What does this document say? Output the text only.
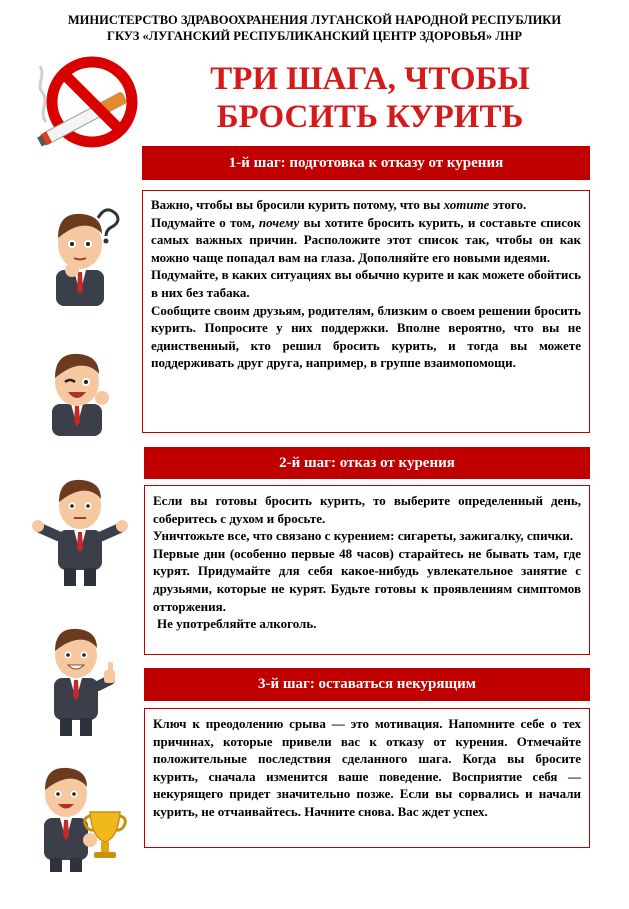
МИНИСТЕРСТВО ЗДРАВООХРАНЕНИЯ ЛУГАНСКОЙ НАРОДНОЙ РЕСПУБЛИКИ
ГКУЗ «ЛУГАНСКИЙ РЕСПУБЛИКАНСКИЙ ЦЕНТР ЗДОРОВЬЯ» ЛНР
ТРИ ШАГА, ЧТОБЫ
БРОСИТЬ КУРИТЬ
1-й шаг: подготовка к отказу от курения

Важно, чтобы вы бросили курить потому, что вы хотите этого.

Подумайте о том, почему вы хотите бросить курить, и составьте список самых важных причин. Расположите этот список так, чтобы он как можно чаще попадал вам на глаза. Дополняйте его новыми идеями.

Подумайте, в каких ситуациях вы обычно курите и как можете обойтись в них без табака.

Сообщите своим друзьям, родителям, близким о своем решении бросить курить. Попросите у них поддержки. Вполне вероятно, что вы не единственный, кто решил бросить курить, и тогда вы можете поддерживать друг друга, например, в группе взаимопомощи.

2-й шаг: отказ от курения

Если вы готовы бросить курить, то выберите определенный день, соберитесь с духом и бросьте.

Уничтожьте все, что связано с курением: сигареты, зажигалку, спички.

Первые дни (особенно первые 48 часов) старайтесь не бывать там, где курят. Придумайте для себя какое-нибудь увлекательное занятие с друзьями, которые не курят. Будьте готовы к проявлениям симптомов отторжения.

Не употребляйте алкоголь.

3-й шаг: оставаться некурящим

Ключ к преодолению срыва — это мотивация. Напомните себе о тех причинах, которые привели вас к отказу от курения. Отмечайте положительные последствия сделанного шага. Когда вы бросите курить, сначала изменится ваше поведение. Восприятие себя — некурящего придет значительно позже. Если вы сорвались и начали курить, не отчаивайтесь. Начните снова. Вас ждет успех.
